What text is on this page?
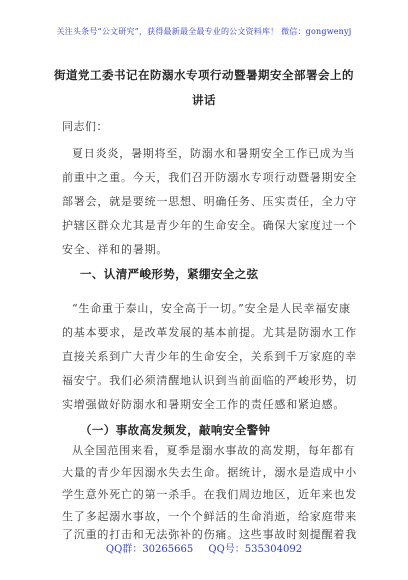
关注头条号“公文研究”，获得最新最全最专业的公文资料库！ 微信：gongwenyj
街道党工委书记在防溺水专项行动暨暑期安全部署会上的
讲话
同志们：
夏日炎炎，暑期将至，防溺水和暑期安全工作已成为当
前重中之重。今天，我们召开防溺水专项行动暨暑期安全
部署会，就是要统一思想、明确任务、压实责任，全力守
护辖区群众尤其是青少年的生命安全。确保大家度过一个
安全、祥和的暑期。
一、认清严峻形势，紧绷安全之弦
“生命重于泰山，安全高于一切。”安全是人民幸福安康
的基本要求，是改革发展的基本前提。尤其是防溺水工作
直接关系到广大青少年的生命安全，关系到千万家庭的幸
福安宁。我们必须清醒地认识到当前面临的严峻形势，切
实增强做好防溺水和暑期安全工作的责任感和紧迫感。
（一）事故高发频发，敲响安全警钟
从全国范围来看，夏季是溺水事故的高发期，每年都有
大量的青少年因溺水失去生命。据统计，溺水是造成中小
学生意外死亡的第一杀手。在我们周边地区，近年来也发
生了多起溺水事故，一个个鲜活的生命消逝，给家庭带来
了沉重的打击和无法弥补的伤痛。这些事故时刻提醒着我
QQ群：30265665 QQ号：535304092
